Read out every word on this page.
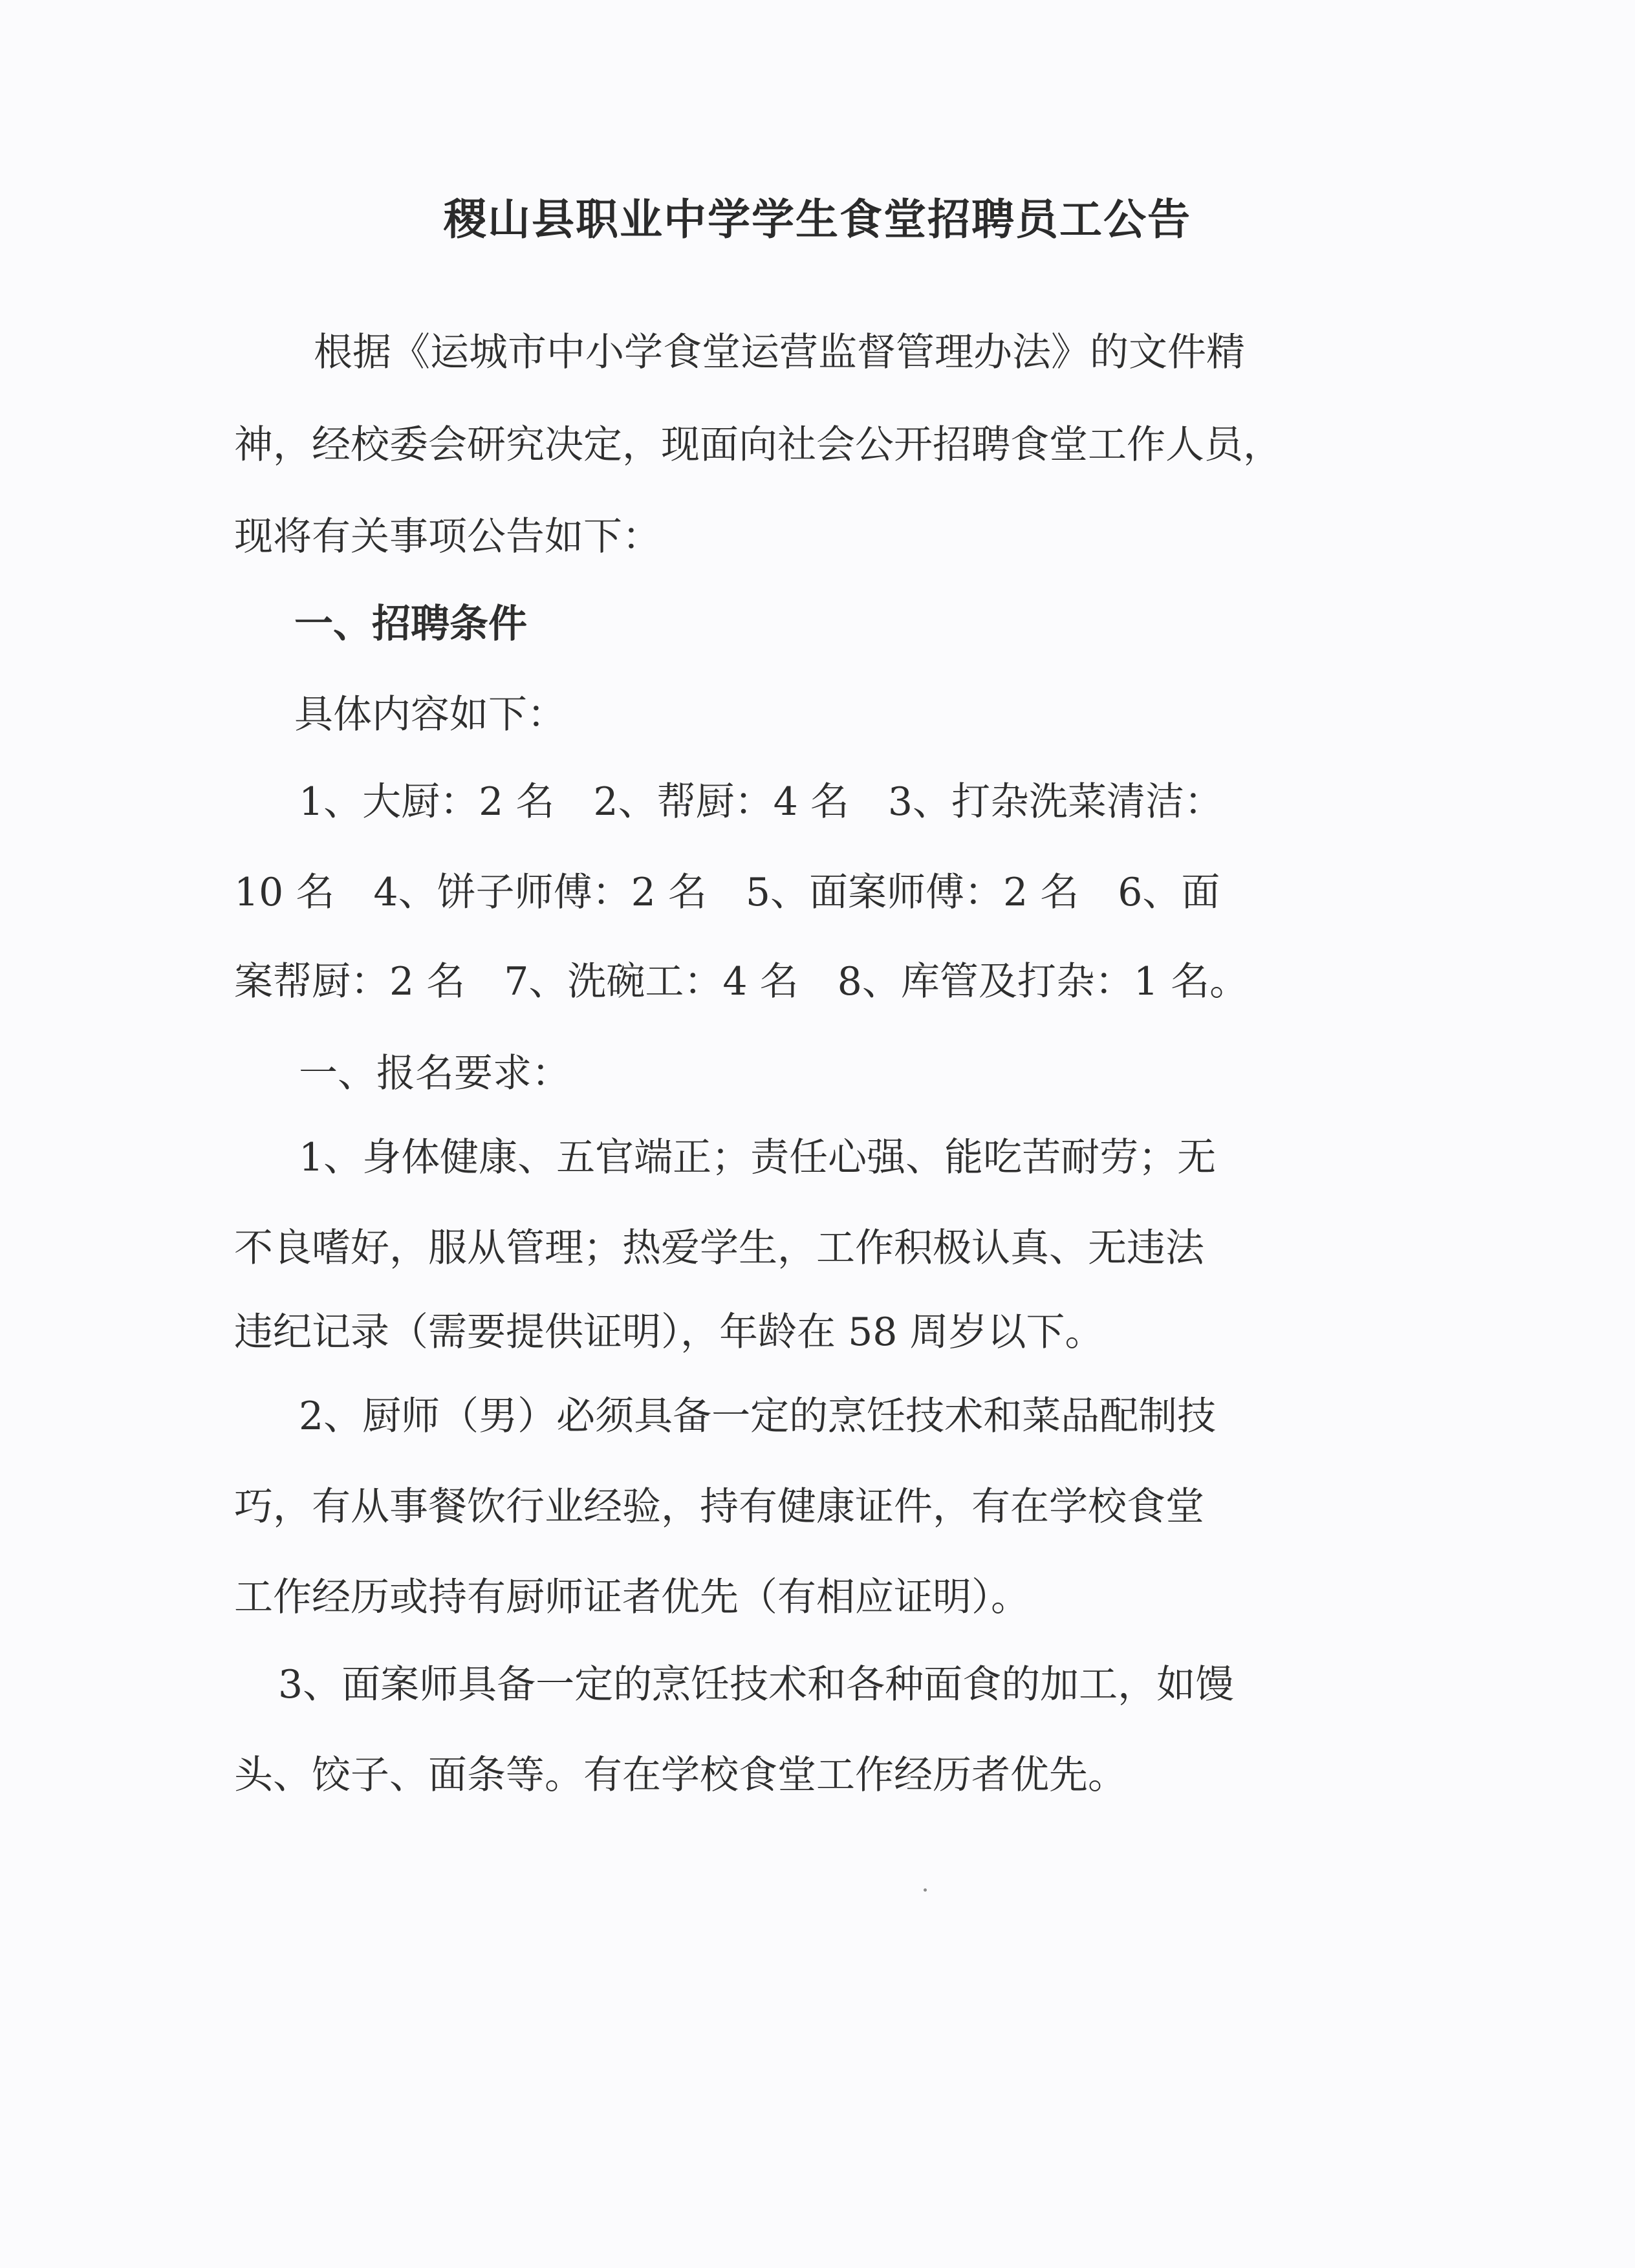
稷山县职业中学学生食堂招聘员工公告
根据《运城市中小学食堂运营监督管理办法》的文件精
神，经校委会研究决定，现面向社会公开招聘食堂工作人员，
现将有关事项公告如下：
一、招聘条件
具体内容如下：
1、大厨：2 名　2、帮厨：4 名　3、打杂洗菜清洁：
10 名　4、饼子师傅：2 名　5、面案师傅：2 名　6、面
案帮厨：2 名　7、洗碗工：4 名　8、库管及打杂：1 名。
一、报名要求：
1、身体健康、五官端正；责任心强、能吃苦耐劳；无
不良嗜好，服从管理；热爱学生，工作积极认真、无违法
违纪记录（需要提供证明），年龄在 58 周岁以下。
2、厨师（男）必须具备一定的烹饪技术和菜品配制技
巧，有从事餐饮行业经验，持有健康证件，有在学校食堂
工作经历或持有厨师证者优先（有相应证明）。
3、面案师具备一定的烹饪技术和各种面食的加工，如馒
头、饺子、面条等。有在学校食堂工作经历者优先。
